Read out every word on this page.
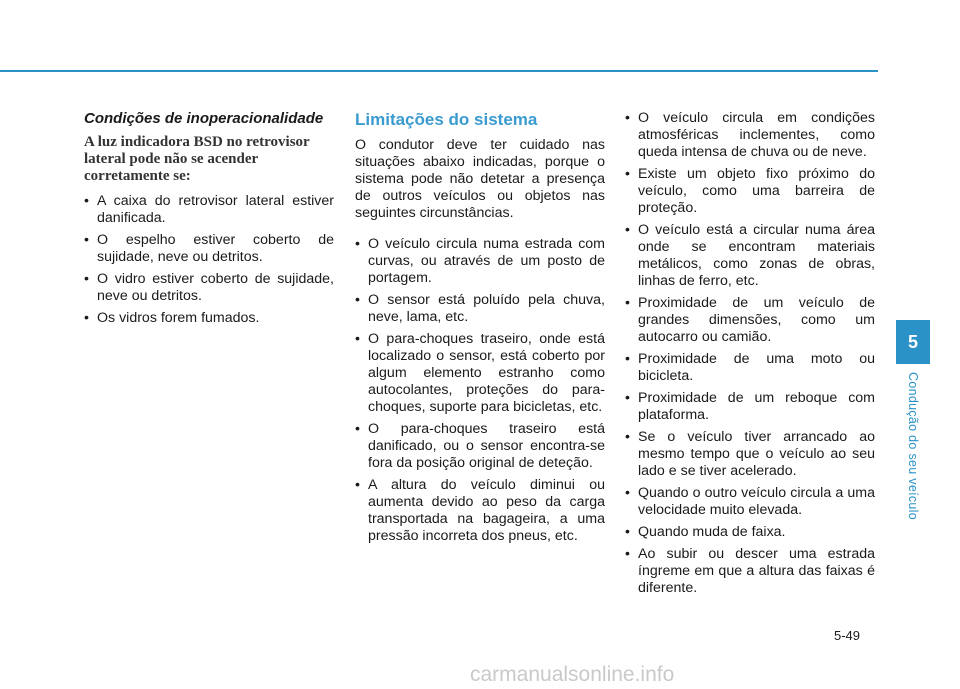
Condições de inoperacionalidade
A luz indicadora BSD no retrovisor lateral pode não se acender corretamente se:
• A caixa do retrovisor lateral estiver danificada.
• O espelho estiver coberto de sujidade, neve ou detritos.
• O vidro estiver coberto de sujidade, neve ou detritos.
• Os vidros forem fumados.
Limitações do sistema

O condutor deve ter cuidado nas situações abaixo indicadas, porque o sistema pode não detetar a presença de outros veículos ou objetos nas seguintes circunstâncias.

• O veículo circula numa estrada com curvas, ou através de um posto de portagem.
• O sensor está poluído pela chuva, neve, lama, etc.
• O para-choques traseiro, onde está localizado o sensor, está coberto por algum elemento estranho como autocolantes, proteções do para-choques, suporte para bicicletas, etc.
• O para-choques traseiro está danificado, ou o sensor encontra-se fora da posição original de deteção.
• A altura do veículo diminui ou aumenta devido ao peso da carga transportada na bagageira, a uma pressão incorreta dos pneus, etc.
• O veículo circula em condições atmosféricas inclementes, como queda intensa de chuva ou de neve.
• Existe um objeto fixo próximo do veículo, como uma barreira de proteção.
• O veículo está a circular numa área onde se encontram materiais metálicos, como zonas de obras, linhas de ferro, etc.
• Proximidade de um veículo de grandes dimensões, como um autocarro ou camião.
• Proximidade de uma moto ou bicicleta.
• Proximidade de um reboque com plataforma.
• Se o veículo tiver arrancado ao mesmo tempo que o veículo ao seu lado e se tiver acelerado.
• Quando o outro veículo circula a uma velocidade muito elevada.
• Quando muda de faixa.
• Ao subir ou descer uma estrada íngreme em que a altura das faixas é diferente.
5
Condução do seu veículo
5-49
carmanualsonline.info
